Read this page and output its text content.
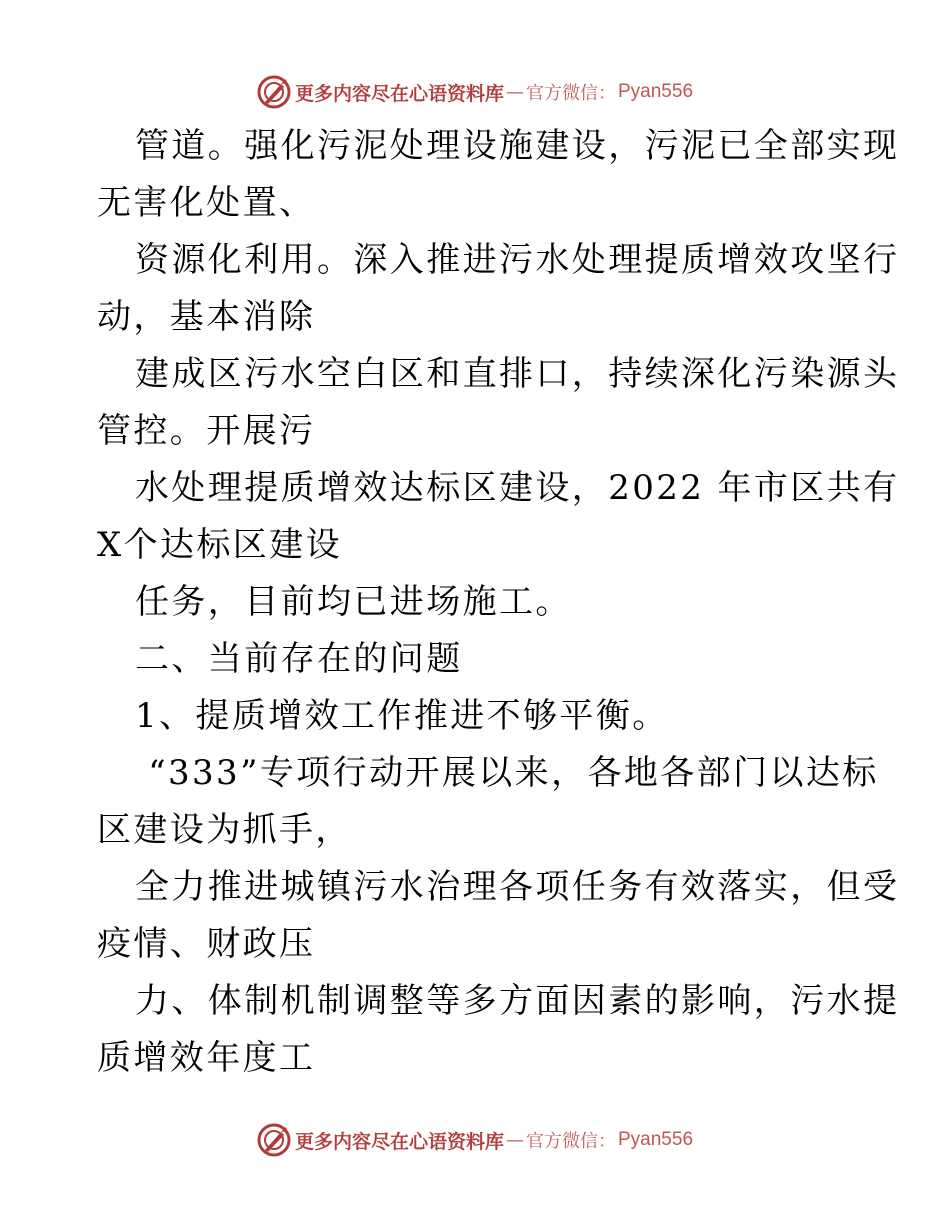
更多内容尽在心语资料库 — 官方微信： Pyan556
管道。强化污泥处理设施建设，污泥已全部实现
无害化处置、
资源化利用。深入推进污水处理提质增效攻坚行
动，基本消除
建成区污水空白区和直排口，持续深化污染源头
管控。开展污
水处理提质增效达标区建设，2022 年市区共有
X个达标区建设
任务，目前均已进场施工。
二、当前存在的问题
1、提质增效工作推进不够平衡。
“333”专项行动开展以来，各地各部门以达标
区建设为抓手，
全力推进城镇污水治理各项任务有效落实，但受
疫情、财政压
力、体制机制调整等多方面因素的影响，污水提
质增效年度工
更多内容尽在心语资料库 — 官方微信： Pyan556
